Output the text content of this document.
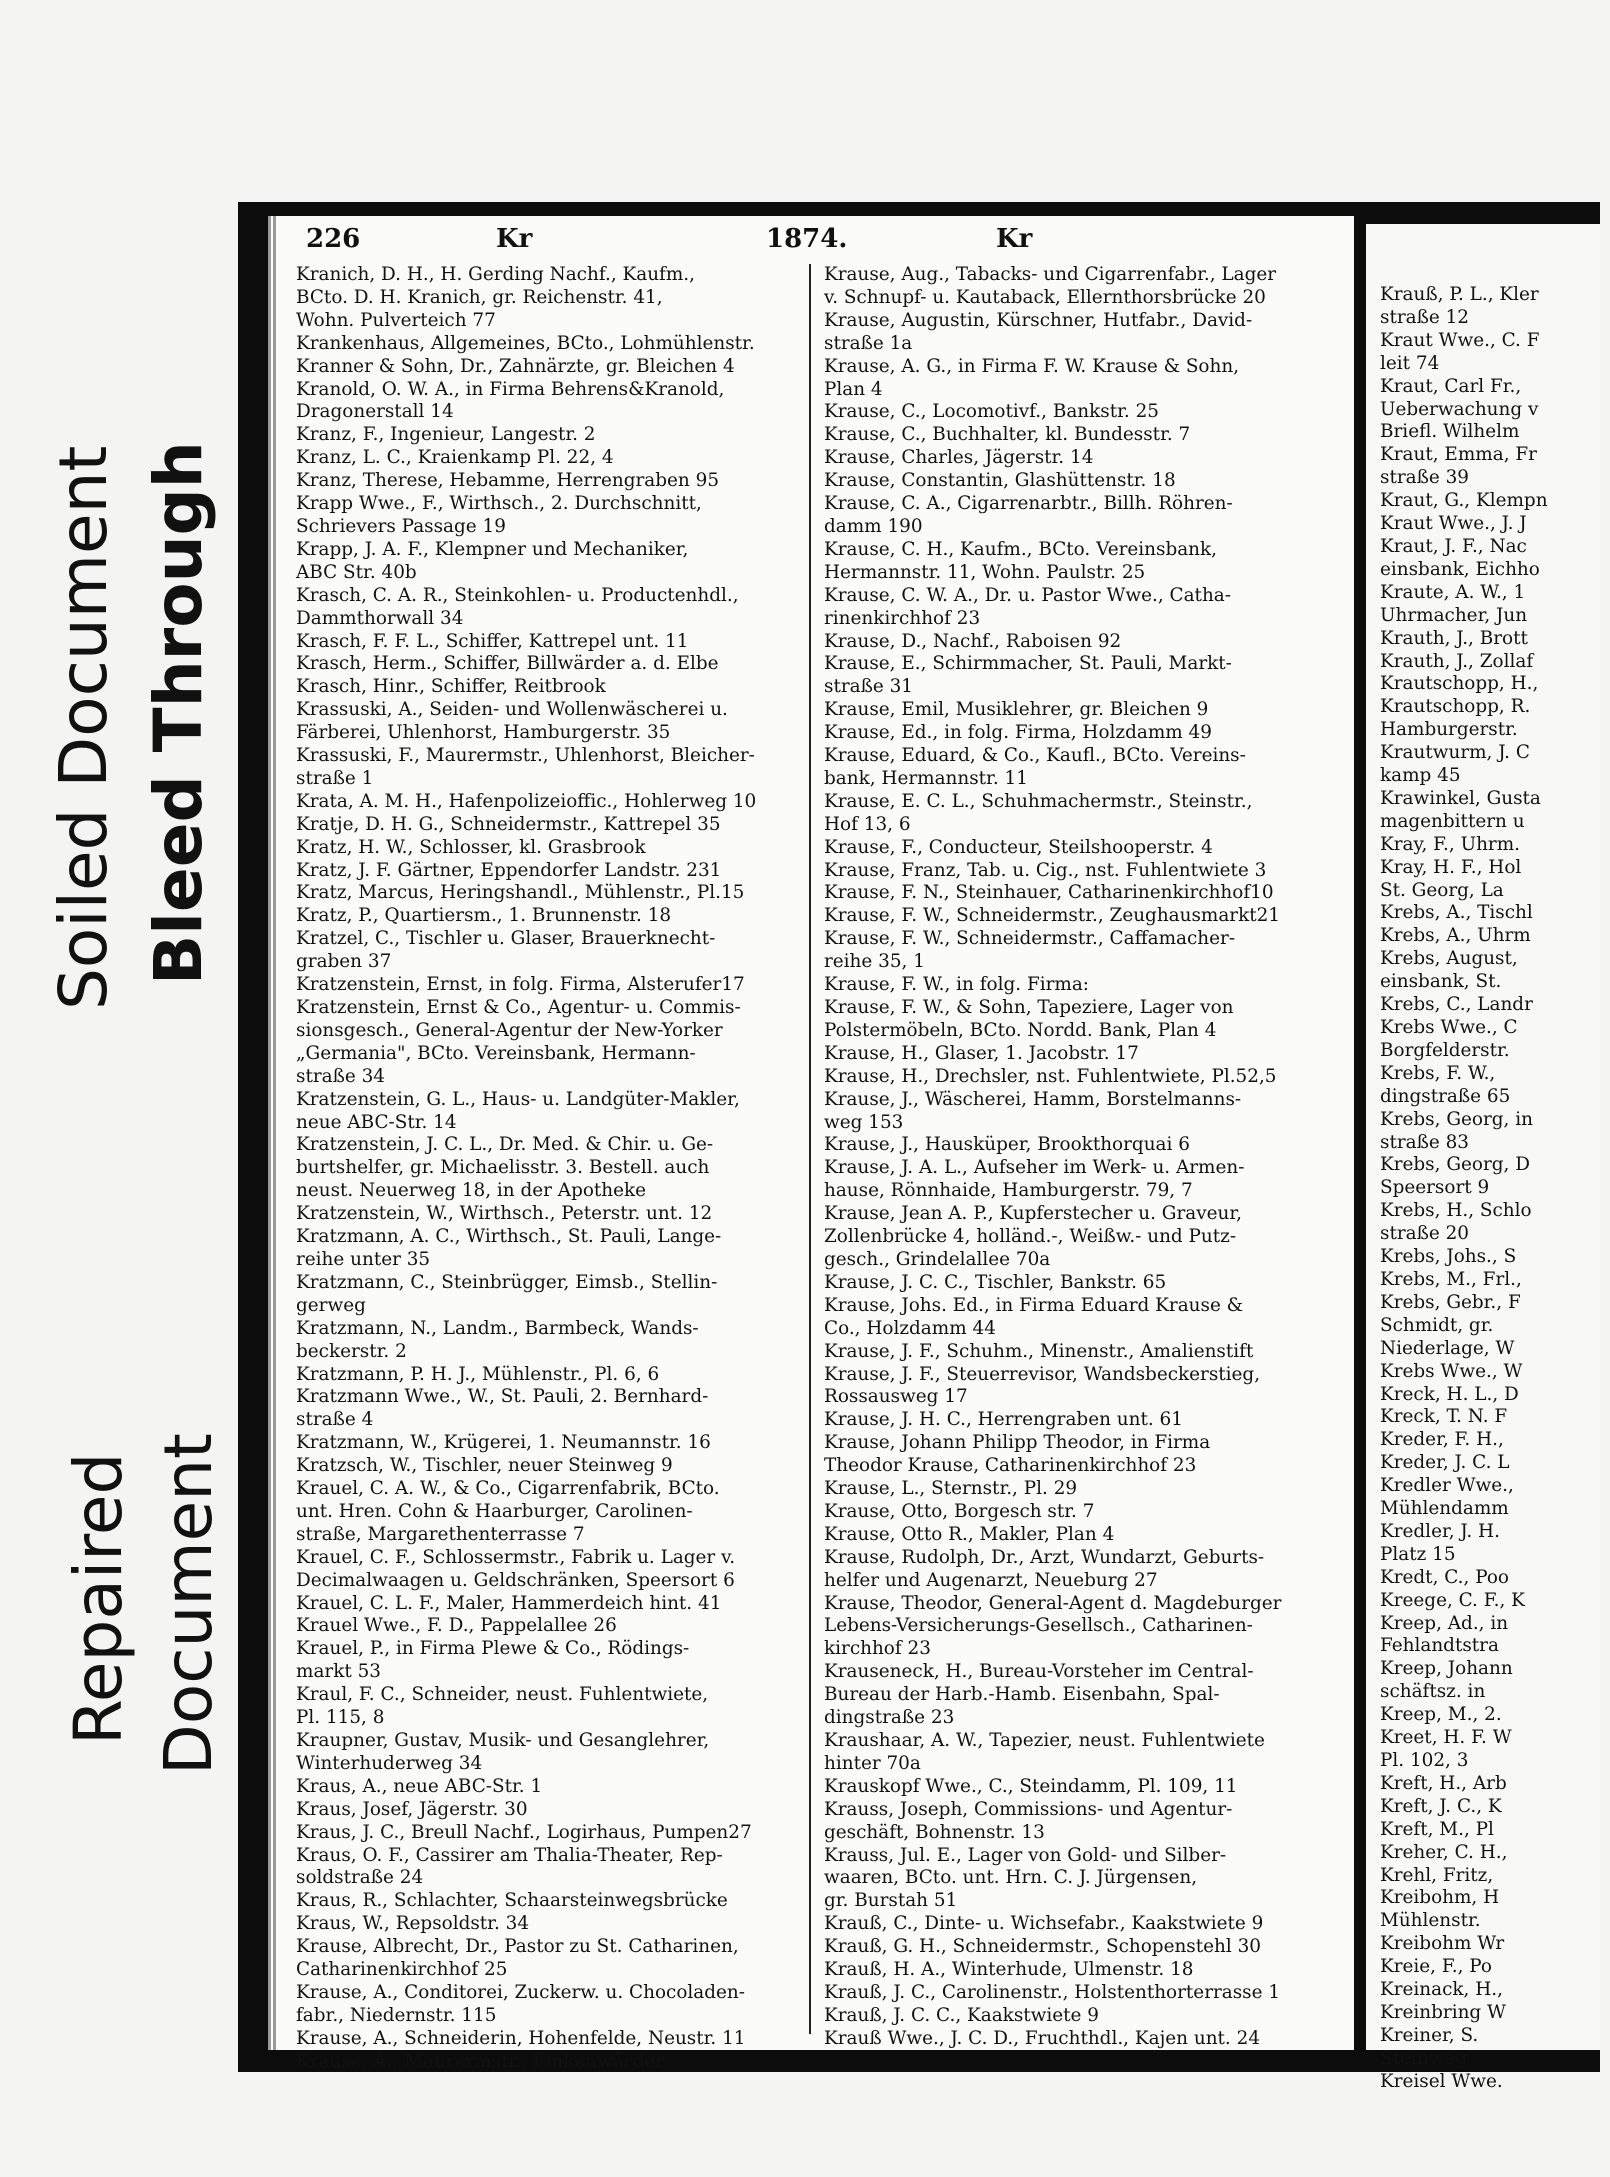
Soiled Document Bleed Through
Repaired Document
226	Kr	1874.	Kr
Kranich, D. H., H. Gerding Nachf., Kaufm.,
BCto. D. H. Kranich, gr. Reichenstr. 41,
Wohn. Pulverteich 77
Krankenhaus, Allgemeines, BCto., Lohmühlenstr.
Kranner & Sohn, Dr., Zahnärzte, gr. Bleichen 4
Kranold, O. W. A., in Firma Behrens&Kranold,
Dragonerstall 14
Kranz, F., Ingenieur, Langestr. 2
Kranz, L. C., Kraienkamp Pl. 22, 4
Kranz, Therese, Hebamme, Herrengraben 95
Krapp Wwe., F., Wirthsch., 2. Durchschnitt,
Schrievers Passage 19
Krapp, J. A. F., Klempner und Mechaniker,
ABC Str. 40b
Krasch, C. A. R., Steinkohlen- u. Productenhdl.,
Dammthorwall 34
Krasch, F. F. L., Schiffer, Kattrepel unt. 11
Krasch, Herm., Schiffer, Billwärder a. d. Elbe
Krasch, Hinr., Schiffer, Reitbrook
Krassuski, A., Seiden- und Wollenwäscherei u.
Färberei, Uhlenhorst, Hamburgerstr. 35
Krassuski, F., Maurermstr., Uhlenhorst, Bleicher-
straße 1
Krata, A. M. H., Hafenpolizeioffic., Hohlerweg 10
Kratje, D. H. G., Schneidermstr., Kattrepel 35
Kratz, H. W., Schlosser, kl. Grasbrook
Kratz, J. F. Gärtner, Eppendorfer Landstr. 231
Kratz, Marcus, Heringshandl., Mühlenstr., Pl.15
Kratz, P., Quartiersm., 1. Brunnenstr. 18
Kratzel, C., Tischler u. Glaser, Brauerknecht-
graben 37
Kratzenstein, Ernst, in folg. Firma, Alsterufer17
Kratzenstein, Ernst & Co., Agentur- u. Commis-
sionsgesch., General-Agentur der New-Yorker
„Germania", BCto. Vereinsbank, Hermann-
straße 34
Kratzenstein, G. L., Haus- u. Landgüter-Makler,
neue ABC-Str. 14
Kratzenstein, J. C. L., Dr. Med. & Chir. u. Ge-
burtshelfer, gr. Michaelisstr. 3. Bestell. auch
neust. Neuerweg 18, in der Apotheke
Kratzenstein, W., Wirthsch., Peterstr. unt. 12
Kratzmann, A. C., Wirthsch., St. Pauli, Lange-
reihe unter 35
Kratzmann, C., Steinbrügger, Eimsb., Stellin-
gerweg
Kratzmann, N., Landm., Barmbeck, Wands-
beckerstr. 2
Kratzmann, P. H. J., Mühlenstr., Pl. 6, 6
Kratzmann Wwe., W., St. Pauli, 2. Bernhard-
straße 4
Kratzmann, W., Krügerei, 1. Neumannstr. 16
Kratzsch, W., Tischler, neuer Steinweg 9
Krauel, C. A. W., & Co., Cigarrenfabrik, BCto.
unt. Hren. Cohn & Haarburger, Carolinen-
straße, Margarethenterrasse 7
Krauel, C. F., Schlossermstr., Fabrik u. Lager v.
Decimalwaagen u. Geldschränken, Speersort 6
Krauel, C. L. F., Maler, Hammerdeich hint. 41
Krauel Wwe., F. D., Pappelallee 26
Krauel, P., in Firma Plewe & Co., Rödings-
markt 53
Kraul, F. C., Schneider, neust. Fuhlentwiete,
Pl. 115, 8
Kraupner, Gustav, Musik- und Gesanglehrer,
Winterhuderweg 34
Kraus, A., neue ABC-Str. 1
Kraus, Josef, Jägerstr. 30
Kraus, J. C., Breull Nachf., Logirhaus, Pumpen27
Kraus, O. F., Cassirer am Thalia-Theater, Rep-
soldstraße 24
Kraus, R., Schlachter, Schaarsteinwegsbrücke
Kraus, W., Repsoldstr. 34
Krause, Albrecht, Dr., Pastor zu St. Catharinen,
Catharinenkirchhof 25
Krause, A., Conditorei, Zuckerw. u. Chocoladen-
fabr., Niedernstr. 115
Krause, A., Schneiderin, Hohenfelde, Neustr. 11
Krause, A., Maurermstr., Finkenwärder
Krause, Aug., Tabacks- und Cigarrenfabr., Lager
v. Schnupf- u. Kautaback, Ellernthorsbrücke 20
Krause, Augustin, Kürschner, Hutfabr., David-
straße 1a
Krause, A. G., in Firma F. W. Krause & Sohn,
Plan 4
Krause, C., Locomotivf., Bankstr. 25
Krause, C., Buchhalter, kl. Bundesstr. 7
Krause, Charles, Jägerstr. 14
Krause, Constantin, Glashüttenstr. 18
Krause, C. A., Cigarrenarbtr., Billh. Röhren-
damm 190
Krause, C. H., Kaufm., BCto. Vereinsbank,
Hermannstr. 11, Wohn. Paulstr. 25
Krause, C. W. A., Dr. u. Pastor Wwe., Catha-
rinenkirchhof 23
Krause, D., Nachf., Raboisen 92
Krause, E., Schirmmacher, St. Pauli, Markt-
straße 31
Krause, Emil, Musiklehrer, gr. Bleichen 9
Krause, Ed., in folg. Firma, Holzdamm 49
Krause, Eduard, & Co., Kaufl., BCto. Vereins-
bank, Hermannstr. 11
Krause, E. C. L., Schuhmachermstr., Steinstr.,
Hof 13, 6
Krause, F., Conducteur, Steilshooperstr. 4
Krause, Franz, Tab. u. Cig., nst. Fuhlentwiete 3
Krause, F. N., Steinhauer, Catharinenkirchhof10
Krause, F. W., Schneidermstr., Zeughausmarkt21
Krause, F. W., Schneidermstr., Caffamacher-
reihe 35, 1
Krause, F. W., in folg. Firma:
Krause, F. W., & Sohn, Tapeziere, Lager von
Polstermöbeln, BCto. Nordd. Bank, Plan 4
Krause, H., Glaser, 1. Jacobstr. 17
Krause, H., Drechsler, nst. Fuhlentwiete, Pl.52,5
Krause, J., Wäscherei, Hamm, Borstelmanns-
weg 153
Krause, J., Hausküper, Brookthorquai 6
Krause, J. A. L., Aufseher im Werk- u. Armen-
hause, Rönnhaide, Hamburgerstr. 79, 7
Krause, Jean A. P., Kupferstecher u. Graveur,
Zollenbrücke 4, holländ.-, Weißw.- und Putz-
gesch., Grindelallee 70a
Krause, J. C. C., Tischler, Bankstr. 65
Krause, Johs. Ed., in Firma Eduard Krause &
Co., Holzdamm 44
Krause, J. F., Schuhm., Minenstr., Amalienstift
Krause, J. F., Steuerrevisor, Wandsbeckerstieg,
Rossausweg 17
Krause, J. H. C., Herrengraben unt. 61
Krause, Johann Philipp Theodor, in Firma
Theodor Krause, Catharinenkirchhof 23
Krause, L., Sternstr., Pl. 29
Krause, Otto, Borgesch str. 7
Krause, Otto R., Makler, Plan 4
Krause, Rudolph, Dr., Arzt, Wundarzt, Geburts-
helfer und Augenarzt, Neueburg 27
Krause, Theodor, General-Agent d. Magdeburger
Lebens-Versicherungs-Gesellsch., Catharinen-
kirchhof 23
Krauseneck, H., Bureau-Vorsteher im Central-
Bureau der Harb.-Hamb. Eisenbahn, Spal-
dingstraße 23
Kraushaar, A. W., Tapezier, neust. Fuhlentwiete
hinter 70a
Krauskopf Wwe., C., Steindamm, Pl. 109, 11
Krauss, Joseph, Commissions- und Agentur-
geschäft, Bohnenstr. 13
Krauss, Jul. E., Lager von Gold- und Silber-
waaren, BCto. unt. Hrn. C. J. Jürgensen,
gr. Burstah 51
Krauß, C., Dinte- u. Wichsefabr., Kaakstwiete 9
Krauß, G. H., Schneidermstr., Schopenstehl 30
Krauß, H. A., Winterhude, Ulmenstr. 18
Krauß, J. C., Carolinenstr., Holstenthorterrasse 1
Krauß, J. C. C., Kaakstwiete 9
Krauß Wwe., J. C. D., Fruchthdl., Kajen unt. 24
Krauß, P. L., Kler
straße 12
Kraut Wwe., C. F
leit 74
Kraut, Carl Fr.,
Ueberwachung v
Briefl. Wilhelm
Kraut, Emma, Fr
straße 39
Kraut, G., Klempn
Kraut Wwe., J. J
Kraut, J. F., Nac
einsbank, Eichho
Kraute, A. W., 1
Uhrmacher, Jun
Krauth, J., Brott
Krauth, J., Zollaf
Krautschopp, H.,
Krautschopp, R.
Hamburgerstr.
Krautwurm, J. C
kamp 45
Krawinkel, Gusta
magenbittern u
Kray, F., Uhrm.
Kray, H. F., Hol
St. Georg, La
Krebs, A., Tischl
Krebs, A., Uhrm
Krebs, August,
einsbank, St.
Krebs, C., Landr
Krebs Wwe., C
Borgfelderstr.
Krebs, F. W.,
dingstraße 65
Krebs, Georg, in
straße 83
Krebs, Georg, D
Speersort 9
Krebs, H., Schlo
straße 20
Krebs, Johs., S
Krebs, M., Frl.,
Krebs, Gebr., F
Schmidt, gr.
Niederlage, W
Krebs Wwe., W
Kreck, H. L., D
Kreck, T. N. F
Kreder, F. H.,
Kreder, J. C. L
Kredler Wwe.,
Mühlendamm
Kredler, J. H.
Platz 15
Kredt, C., Poo
Kreege, C. F., K
Kreep, Ad., in
Fehlandtstra
Kreep, Johann
schäftsz. in
Kreep, M., 2.
Kreet, H. F. W
Pl. 102, 3
Kreft, H., Arb
Kreft, J. C., K
Kreft, M., Pl
Kreher, C. H.,
Krehl, Fritz,
Kreibohm, H
Mühlenstr.
Kreibohm Wr
Kreie, F., Po
Kreinack, H.,
Kreinbring W
Kreiner, S.
Steinweg
Kreisel Wwe.
